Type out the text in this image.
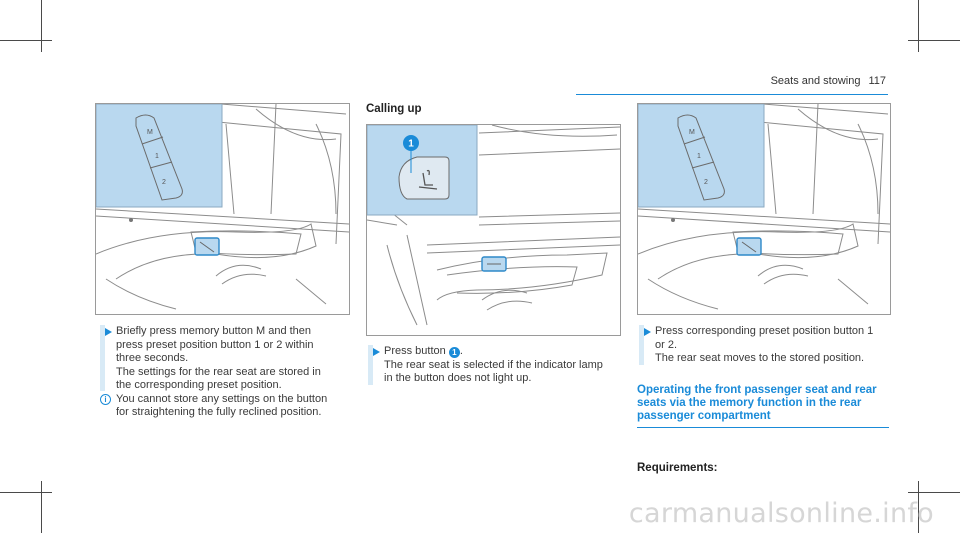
Seats and stowing 117
M
1
2
1
M
1
2

Briefly press memory button M and then

press preset position button 1 or 2 within

three seconds.

The settings for the rear seat are stored in

the corresponding preset position.

i You cannot store any settings on the button

for straightening the fully reclined position.

Calling up

Press button 1 .

The rear seat is selected if the indicator lamp

in the button does not light up.

Press corresponding preset position button 1

or 2.

The rear seat moves to the stored position.

Operating the front passenger seat and rear
seats via the memory function in the rear
passenger compartment
Requirements:
carmanualsonline.info
